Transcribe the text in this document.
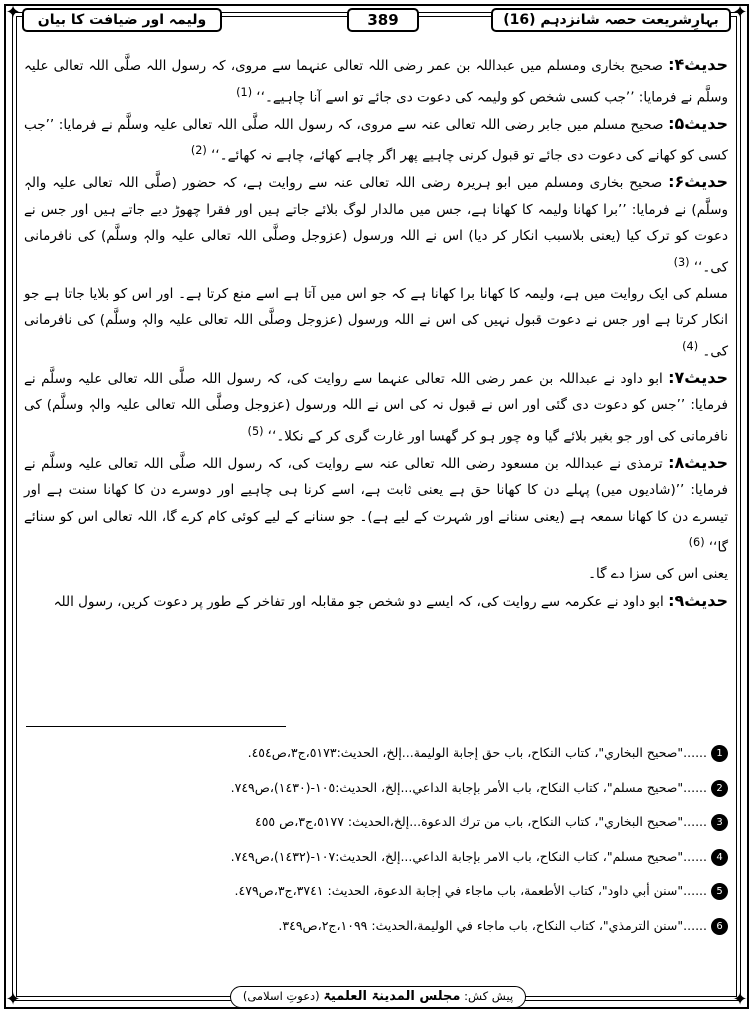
✦	✦
✦	✦
بہارِشریعت حصہ شانزدہم (16)
389
ولیمہ اور ضیافت کا بیان

حدیث۴: صحیح بخاری ومسلم میں عبداللہ بن عمر رضی اللہ تعالی عنہما سے مروی، کہ رسول اللہ صلَّی اللہ تعالی علیہ وسلَّم نے فرمایا: ’’جب کسی شخص کو ولیمہ کی دعوت دی جائے تو اسے آنا چاہیے۔‘‘ $^{(1)}$

حدیث۵: صحیح مسلم میں جابر رضی اللہ تعالی عنہ سے مروی، کہ رسول اللہ صلَّی اللہ تعالی علیہ وسلَّم نے فرمایا: ’’جب کسی کو کھانے کی دعوت دی جائے تو قبول کرنی چاہیے پھر اگر چاہے کھائے، چاہے نہ کھائے۔‘‘ $^{(2)}$

حدیث۶: صحیح بخاری ومسلم میں ابو ہریرہ رضی اللہ تعالی عنہ سے روایت ہے، کہ حضور (صلَّی اللہ تعالی علیہ والہٖ وسلَّم) نے فرمایا: ’’برا کھانا ولیمہ کا کھانا ہے، جس میں مالدار لوگ بلائے جاتے ہیں اور فقرا چھوڑ دیے جاتے ہیں اور جس نے دعوت کو ترک کیا (یعنی بلاسبب انکار کر دیا) اس نے اللہ ورسول (عزوجل وصلَّی اللہ تعالی علیہ والہٖ وسلَّم) کی نافرمانی کی۔‘‘ $^{(3)}$

مسلم کی ایک روایت میں ہے، ولیمہ کا کھانا برا کھانا ہے کہ جو اس میں آتا ہے اسے منع کرتا ہے۔ اور اس کو بلایا جاتا ہے جو انکار کرتا ہے اور جس نے دعوت قبول نہیں کی اس نے اللہ ورسول (عزوجل وصلَّی اللہ تعالی علیہ والہٖ وسلَّم) کی نافرمانی کی۔ $^{(4)}$

حدیث۷: ابو داود نے عبداللہ بن عمر رضی اللہ تعالی عنہما سے روایت کی، کہ رسول اللہ صلَّی اللہ تعالی علیہ وسلَّم نے فرمایا: ’’جس کو دعوت دی گئی اور اس نے قبول نہ کی اس نے اللہ ورسول (عزوجل وصلَّی اللہ تعالی علیہ والہٖ وسلَّم) کی نافرمانی کی اور جو بغیر بلائے گیا وہ چور ہو کر گھسا اور غارت گری کر کے نکلا۔‘‘ $^{(5)}$

حدیث۸: ترمذی نے عبداللہ بن مسعود رضی اللہ تعالی عنہ سے روایت کی، کہ رسول اللہ صلَّی اللہ تعالی علیہ وسلَّم نے فرمایا: ’’(شادیوں میں) پہلے دن کا کھانا حق ہے یعنی ثابت ہے، اسے کرنا ہی چاہیے اور دوسرے دن کا کھانا سنت ہے اور تیسرے دن کا کھانا سمعہ ہے (یعنی سنانے اور شہرت کے لیے ہے)۔ جو سنانے کے لیے کوئی کام کرے گا، اللہ تعالی اس کو سنائے گا‘‘ $^{(6)}$

یعنی اس کی سزا دے گا۔

حدیث۹: ابو داود نے عکرمہ سے روایت کی، کہ ایسے دو شخص جو مقابلہ اور تفاخر کے طور پر دعوت کریں، رسول اللہ

1......"صحيح البخاري"، كتاب النكاح، باب حق إجابة الوليمة...إلخ، الحديث:٥١٧٣،ج٣،ص٤٥٤.
2......"صحيح مسلم"، كتاب النكاح، باب الأمر بإجابة الداعي...إلخ، الحديث:١٠٥-(١٤٣٠)،ص٧٤٩.
3......"صحيح البخاري"، كتاب النكاح، باب من ترك الدعوة...إلخ،الحديث: ٥١٧٧،ج٣،ص ٤٥٥
4......"صحيح مسلم"، كتاب النكاح، باب الامر بإجابة الداعي...إلخ، الحديث:١٠٧-(١٤٣٢)،ص٧٤٩.
5......"سنن أبي داود"، كتاب الأطعمة، باب ماجاء في إجابة الدعوة، الحديث: ٣٧٤١،ج٣،ص٤٧٩.
6......"سنن الترمذي"، كتاب النكاح، باب ماجاء في الوليمة،الحديث: ١٠٩٩،ج٢،ص٣٤٩.
پیش کش: مجلس المدینۃ العلمیۃ (دعوتِ اسلامی)
